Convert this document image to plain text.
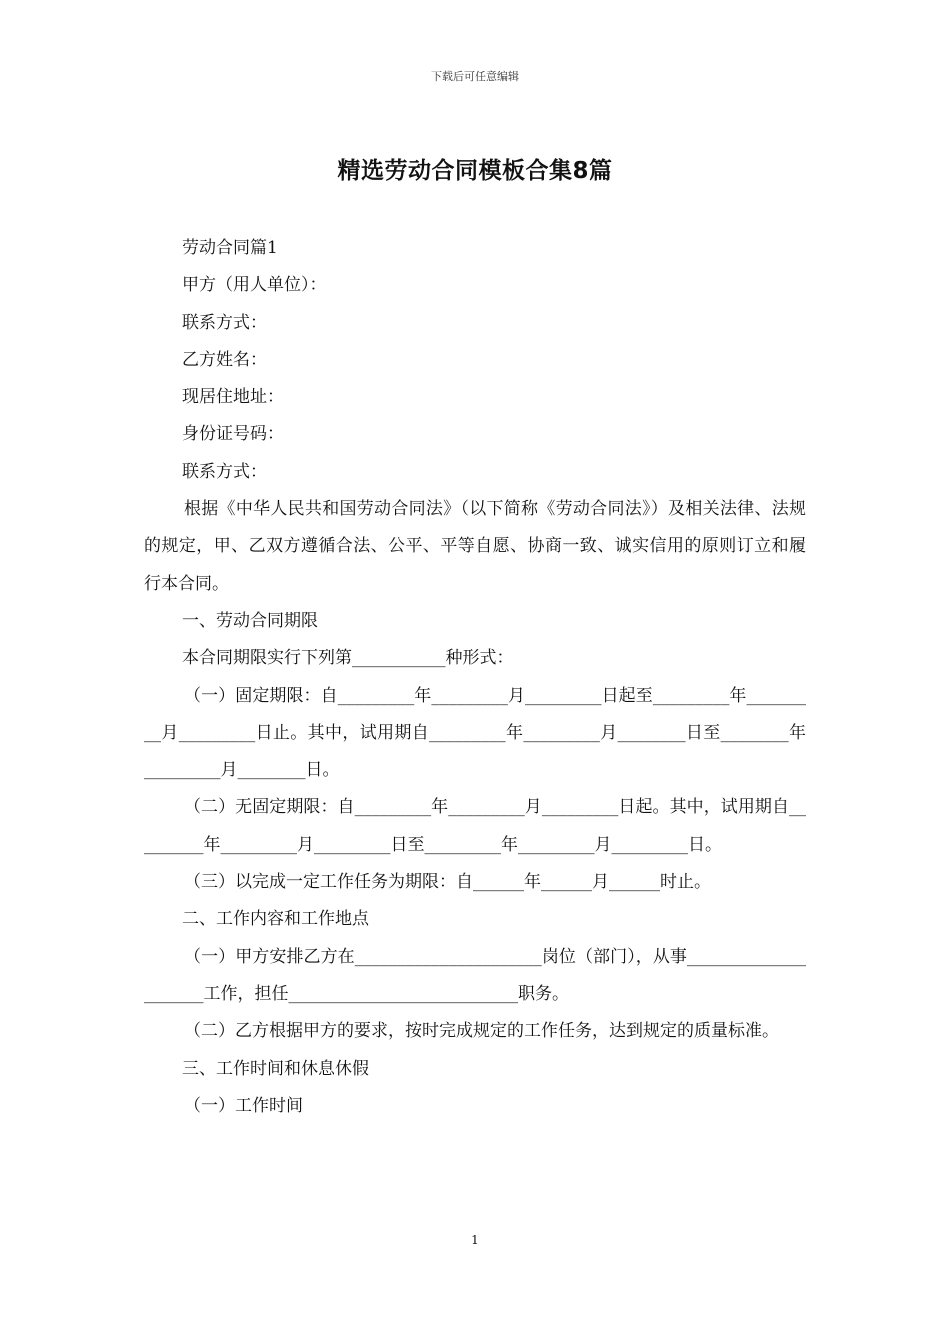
下载后可任意编辑
精选劳动合同模板合集8篇

劳动合同篇1

甲方（用人单位）：

联系方式：

乙方姓名：

现居住地址：

身份证号码：

联系方式：

根据《中华人民共和国劳动合同法》（以下简称《劳动合同法》）及相关法律、法规的规定，甲、乙双方遵循合法、公平、平等自愿、协商一致、诚实信用的原则订立和履行本合同。

一、劳动合同期限

本合同期限实行下列第___________种形式：

（一）固定期限：自_________年_________月_________日起至_________年_________月_________日止。其中，试用期自_________年_________月________日至________年_________月________日。

（二）无固定期限：自_________年_________月_________日起。其中，试用期自_________年_________月_________日至_________年_________月_________日。

（三）以完成一定工作任务为期限：自______年______月______时止。

二、工作内容和工作地点

（一）甲方安排乙方在______________________岗位（部门），从事_____________________工作，担任___________________________职务。

（二）乙方根据甲方的要求，按时完成规定的工作任务，达到规定的质量标准。

三、工作时间和休息休假

（一）工作时间

1
